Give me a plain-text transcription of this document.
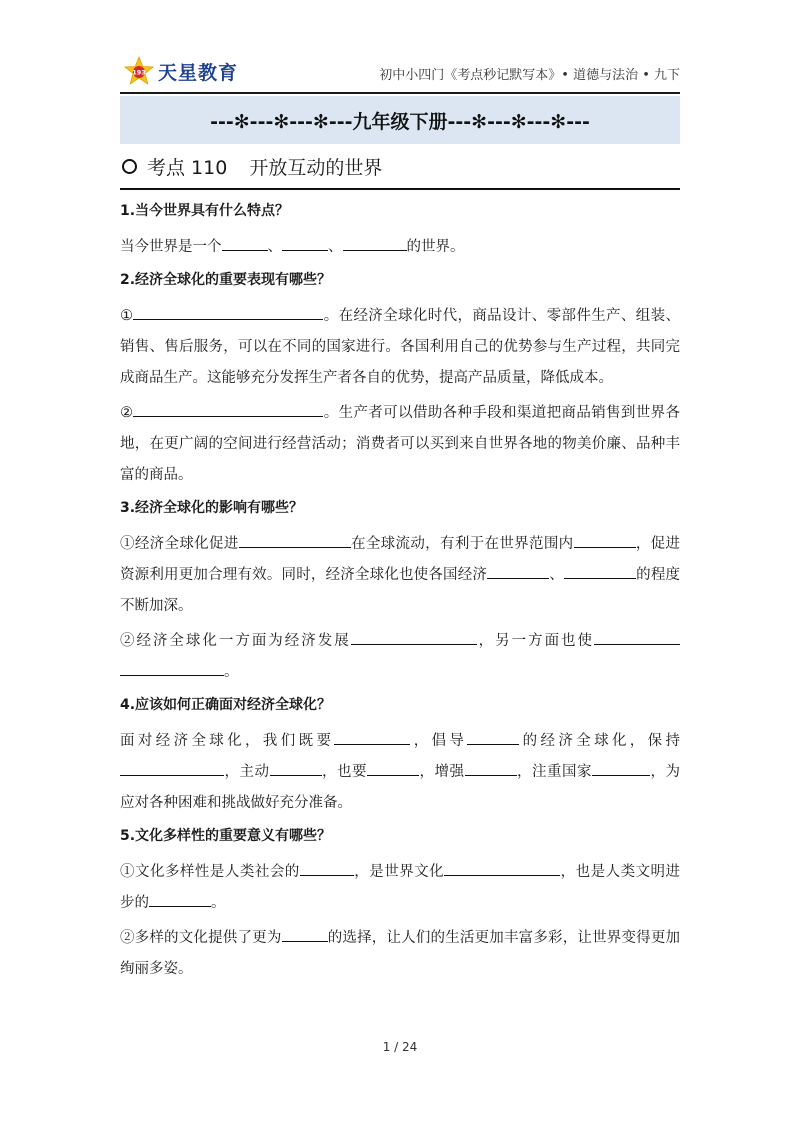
193 天星教育	初中小四门《考点秒记默写本》• 道德与法治 • 九下
---✻---✻---✻---九年级下册---✻---✻---✻---
考点 110 开放互动的世界
1.当今世界具有什么特点？
当今世界是一个	、	、	的世界。
2.经济全球化的重要表现有哪些？
①	。在经济全球化时代，商品设计、零部件生产、组装、销售、售后服务，可以在不同的国家进行。各国利用自己的优势参与生产过程，共同完成商品生产。这能够充分发挥生产者各自的优势，提高产品质量，降低成本。
②	。生产者可以借助各种手段和渠道把商品销售到世界各地，在更广阔的空间进行经营活动；消费者可以买到来自世界各地的物美价廉、品种丰富的商品。
3.经济全球化的影响有哪些？
①经济全球化促进	在全球流动，有利于在世界范围内	，促进资源利用更加合理有效。同时，经济全球化也使各国经济	、	的程度不断加深。
②经济全球化一方面为经济发展	，另一方面也使。
4.应该如何正确面对经济全球化？
面对经济全球化，我们既要	，倡导	的经济全球化，保持，主动	，也要	，增强	，注重国家	，为应对各种困难和挑战做好充分准备。
5.文化多样性的重要意义有哪些？
①文化多样性是人类社会的	，是世界文化	，也是人类文明进步的	。
②多样的文化提供了更为	的选择，让人们的生活更加丰富多彩，让世界变得更加绚丽多姿。
1 / 24
